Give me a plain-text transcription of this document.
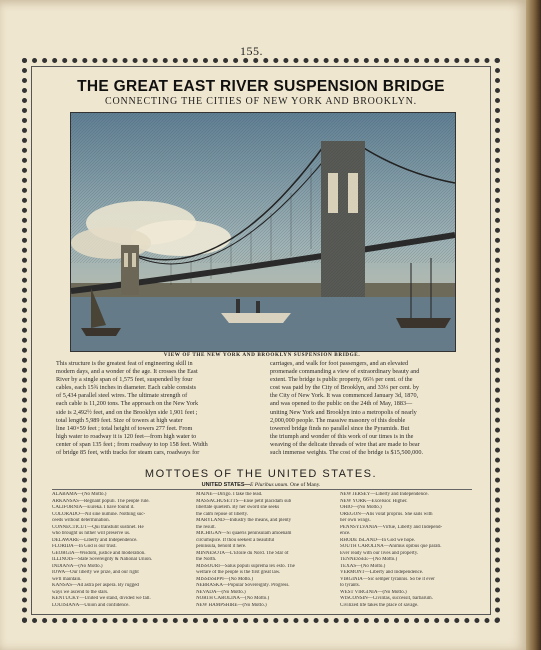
155.
THE GREAT EAST RIVER SUSPENSION BRIDGE
CONNECTING THE CITIES OF NEW YORK AND BROOKLYN.
VIEW OF THE NEW YORK AND BROOKLYN SUSPENSION BRIDGE.
This structure is the greatest feat of engineering skill in
modern days, and a wonder of the age. It crosses the East
River by a single span of 1,575 feet, suspended by four
cables, each 15¾ inches in diameter. Each cable consists
of 5,434 parallel steel wires. The ultimate strength of
each cable is 11,200 tons. The approach on the New York
side is 2,492½ feet, and on the Brooklyn side 1,901 feet ;
total length 5,989 feet. Size of towers at high water
line 140×59 feet ; total height of towers 277 feet. From
high water to roadway it is 120 feet—from high water to
center of span 135 feet ; from roadway to top 158 feet. Width
of bridge 85 feet, with tracks for steam cars, roadways for
carriages, and walk for foot passengers, and an elevated
promenade commanding a view of extraordinary beauty and
extent. The bridge is public property, 66⅔ per cent. of the
cost was paid by the City of Brooklyn, and 33⅓ per cent. by
the City of New York. It was commenced January 3d, 1870,
and was opened to the public on the 24th of May, 1883—
uniting New York and Brooklyn into a metropolis of nearly
2,000,000 people. The massive masonry of this double
towered bridge finds no parallel since the Pyramids. But
the triumph and wonder of this work of our times is in the
weaving of the delicate threads of wire that are made to bear
such immense weights. The cost of the bridge is $15,500,000.
MOTTOES OF THE UNITED STATES.
UNITED STATES—E Pluribus unum. One of Many.
ALABAMA—(No Motto.)
ARKANSAS—Regnant populi. The people rule.
CALIFORNIA—Eureka. I have found it.
COLORADO—Nil sine numine. Nothing suc-
ceeds without determination.
CONNECTICUT—Qui transtulit sustinet. He
who brought us hither will preserve us.
DELAWARE—Liberty and Independence.
FLORIDA—In God is our trust.
GEORGIA—Wisdom, justice and moderation.
ILLINOIS—State Sovereignty & National Union.
INDIANA—(No Motto.)
IOWA—Our liberty we prize, and our right
we'll maintain.
KANSAS—Ad astra per aspera. By rugged
ways we ascend to the stars.
KENTUCKY—United we stand, divided we fall.
LOUISIANA—Union and confidence.
MAINE—Dirigo. I take the lead.
MASSACHUSETTS—Ense petit placidam sub
libertate quietem. By her sword she seeks
the calm repose of liberty.
MARYLAND—Industry the means, and plenty
the result.
MICHIGAN—Si quaeris peninsulam amoenam
circumspice. If thou seekest a beautiful
peninsula, behold it here.
MINNESOTA—L'Etoile du Nord. The Star of
the North.
MISSOURI—Salus populi suprema lex esto. The
welfare of the people is the first great law.
MISSISSIPPI—(No Motto.)
NEBRASKA—Popular Sovereignty. Progress.
NEVADA—(No Motto.)
NORTH CAROLINA—(No Motto.)
NEW HAMPSHIRE—(No Motto.)
NEW JERSEY—Liberty and Independence.
NEW YORK—Excelsior. Higher.
OHIO—(No Motto.)
OREGON—Alis volat propriis. She sails with
her own wings.
PENNSYLVANIA—Virtue, Liberty and Independ-
ence.
RHODE ISLAND—In God we hope.
SOUTH CAROLINA—Animus opibus que parati.
Ever ready with our lives and property.
TENNESSEE—(No Motto.)
TEXAS—(No Motto.)
VERMONT—Liberty and Independence.
VIRGINIA—Sic semper tyrannis. So be it ever
to tyrants.
WEST VIRGINIA—(No Motto.)
WISCONSIN—Civilitas, successit, barbarum.
Civilized life takes the place of savage.
